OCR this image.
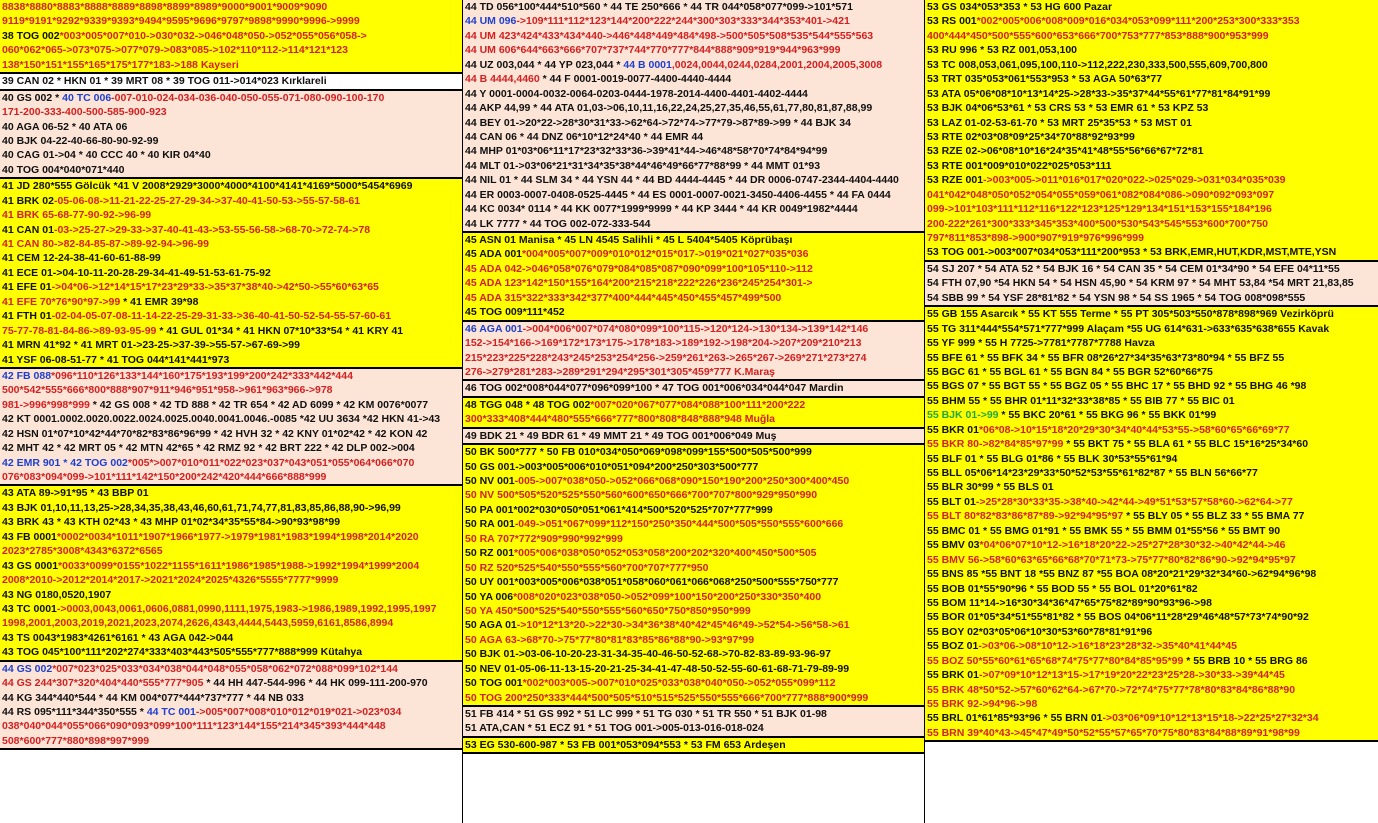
8838*8880*8883*8888*8889*8898*8899*8989*9000*9001*9009*9090
9119*9191*9292*9339*9393*9494*9595*9696*9797*9898*9990*9996->9999
38 TOG 002*003*005*007*010->030*032->046*048*050->052*055*056*058->
060*062*065->073*075->077*079->083*085->102*110*112->114*121*123
138*150*151*155*165*175*177*183->188 Kayseri
39 CAN 02 * HKN 01 * 39 MRT 08 * 39 TOG 011->014*023 Kırklareli
40 GS 002 * 40 TC 006-007-010-024-034-036-040-050-055-071-080-090-100-170
171-200-333-400-500-585-900-923
40 AGA 06-52 * 40 ATA 06
40 BJK 04-22-40-66-80-90-92-99
40 CAG 01->04 * 40 CCC 40 * 40 KIR 04*40
40 TOG 004*040*071*440
41 JD 280*555 Gölcük *41 V 2008*2929*3000*4000*4100*4141*4169*5000*5454*6969
41 BRK 02-05-06-08->11-21-22-25-27-29-34->37-40-41-50-53->55-57-58-61
41 BRK 65-68-77-90-92->96-99
41 CAN 01-03->25-27->29-33->37-40-41-43->53-55-56-58->68-70->72-74->78
41 CAN 80->82-84-85-87->89-92-94->96-99
41 CEM 12-24-38-41-60-61-88-99
41 ECE 01->04-10-11-20-28-29-34-41-49-51-53-61-75-92
41 EFE 01->04*06->12*14*15*17*23*29*33->35*37*38*40->42*50->55*60*63*65
41 EFE 70*76*90*97->99 * 41 EMR 39*98
41 FTH 01-02-04-05-07-08-11-14-22-25-29-31-33->36-40-41-50-52-54-55-57-60-61
75-77-78-81-84-86->89-93-95-99 * 41 GUL 01*34 * 41 HKN 07*10*33*54 * 41 KRY 41
41 MRN 41*92 * 41 MRT 01->23-25->37-39->55-57->67-69->99
41 YSF 06-08-51-77 * 41 TOG 044*141*441*973
42 FB 088*096*110*126*133*144*160*175*193*199*200*242*333*442*444
500*542*555*666*800*888*907*911*946*951*958->961*963*966->978
981->996*998*999 * 42 GS 008 * 42 TD 888 * 42 TR 654 * 42 AD 6099 * 42 KM 0076*0077
42 KT 0001.0002.0020.0022.0024.0025.0040.0041.0046.-0085 *42 UU 3634 *42 HKN 41->43
42 HSN 01*07*10*42*44*70*82*83*86*96*99 * 42 HVH 32 * 42 KNY 01*02*42 * 42 KON 42
42 MHT 42 * 42 MRT 05 * 42 MTN 42*65 * 42 RMZ 92 * 42 BRT 222 * 42 DLP 002->004
42 EMR 901 * 42 TOG 002*005*>007*010*011*022*023*037*043*051*055*064*066*070
076*083*094*099->101*111*142*150*200*242*420*444*666*888*999
43 ATA 89->91*95 * 43 BBP 01
43 BJK 01,10,11,13,25->28,34,35,38,43,46,60,61,71,74,77,81,83,85,86,88,90->96,99
43 BRK 43 * 43 KTH 02*43 * 43 MHP 01*02*34*35*55*84->90*93*98*99
43 FB 0001*0002*0034*1011*1907*1966*1977->1979*1981*1983*1994*1998*2014*2020
2023*2785*3008*4343*6372*6565
43 GS 0001*0033*0099*0155*1022*1155*1611*1986*1985*1988->1992*1994*1999*2004
2008*2010->2012*2014*2017->2021*2024*2025*4326*5555*7777*9999
43 NG 0180,0520,1907
43 TC 0001->0003,0043,0061,0606,0881,0990,1111,1975,1983->1986,1989,1992,1995,1997
1998,2001,2003,2019,2021,2023,2074,2626,4343,4444,5443,5959,6161,8586,8994
43 TS 0043*1983*4261*6161 * 43 AGA 042->044
43 TOG 045*100*111*202*274*333*403*443*505*555*777*888*999 Kütahya
44 GS 002*007*023*025*033*034*038*044*048*055*058*062*072*088*099*102*144
44 GS 244*307*320*404*440*555*777*905 * 44 HH 447-544-996 * 44 HK 099-111-200-970
44 KG 344*440*544 * 44 KM 004*077*444*737*777 * 44 NB 033
44 RS 095*111*344*350*555 * 44 TC 001->005*007*008*010*012*019*021->023*034
038*040*044*055*066*090*093*099*100*111*123*144*155*214*345*393*444*448
508*600*777*880*898*997*999
44 TD 056*100*444*510*560 * 44 TE 250*666 * 44 TR 044*058*077*099->101*571
44 UM 096->109*111*112*123*144*200*222*244*300*303*333*344*353*401->421
44 UM 423*424*433*434*440->446*448*449*484*498->500*505*508*535*544*555*563
44 UM 606*644*663*666*707*737*744*770*777*844*888*909*919*944*963*999
44 UZ 003,044 * 44 YP 023,044 * 44 B 0001,0024,0044,0244,0284,2001,2004,2005,3008
44 B 4444,4460 * 44 F 0001-0019-0077-4400-4440-4444
44 Y 0001-0004-0032-0064-0203-0444-1978-2014-4400-4401-4402-4444
44 AKP 44,99 * 44 ATA 01,03->06,10,11,16,22,24,25,27,35,46,55,61,77,80,81,87,88,99
44 BEY 01->20*22->28*30*31*33->62*64->72*74->77*79->87*89->99 * 44 BJK 34
44 CAN 06 * 44 DNZ 06*10*12*24*40 * 44 EMR 44
44 MHP 01*03*06*11*17*23*32*33*36->39*41*44->46*48*58*70*74*84*94*99
44 MLT 01->03*06*21*31*34*35*38*44*46*49*66*77*88*99 * 44 MMT 01*93
44 NIL 01 * 44 SLM 34 * 44 YSN 44 * 44 BD 4444-4445 * 44 DR 0006-0747-2344-4404-4440
44 ER 0003-0007-0408-0525-4445 * 44 ES 0001-0007-0021-3450-4406-4455 * 44 FA 0444
44 KC 0034* 0114 * 44 KK 0077*1999*9999 * 44 KP 3444 * 44 KR 0049*1982*4444
44 LK 7777 * 44 TOG 002-072-333-544
45 ASN 01 Manisa * 45 LN 4545 Salihli * 45 L 5404*5405 Köprübaşı
45 ADA 001*004*005*007*009*010*012*015*017->019*021*027*035*036
45 ADA 042->046*058*076*079*084*085*087*090*099*100*105*110->112
45 ADA 123*142*150*155*164*200*215*218*222*226*236*245*254*301->
45 ADA 315*322*333*342*377*400*444*445*450*455*457*499*500
45 TOG 009*111*452
46 AGA 001->004*006*007*074*080*099*100*115->120*124->130*134->139*142*146
152->154*166->169*172*173*175->178*183->189*192->198*204->207*209*210*213
215*223*225*228*243*245*253*254*256->259*261*263->265*267->269*271*273*274
276->279*281*283->289*291*294*295*301*305*459*777 K.Maraş
46 TOG 002*008*044*077*096*099*100 * 47 TOG 001*006*034*044*047 Mardin
48 TGG 048 * 48 TOG 002*007*020*067*077*084*088*100*111*200*222
300*333*408*444*480*555*666*777*800*808*848*888*948 Muğla
49 BDK 21 * 49 BDR 61 * 49 MMT 21 * 49 TOG 001*006*049 Muş
50 BK 500*777 * 50 FB 010*034*050*069*098*099*155*500*505*500*999
50 GS 001->003*005*006*010*051*094*200*250*303*500*777
50 NV 001-005->007*038*050->052*066*068*090*150*190*200*250*300*400*450
50 NV 500*505*520*525*550*560*600*650*666*700*707*800*929*950*990
50 PA 001*002*030*050*051*061*414*500*520*525*707*777*999
50 RA 001-049->051*067*099*112*150*250*350*444*500*505*550*555*600*666
50 RA 707*772*909*990*992*999
50 RZ 001*005*006*038*050*052*053*058*200*202*320*400*450*500*505
50 RZ 520*525*540*550*555*560*700*707*777*950
50 UY 001*003*005*006*038*051*058*060*061*066*068*250*500*555*750*777
50 YA 006*008*020*023*038*050->052*099*100*150*200*250*330*350*400
50 YA 450*500*525*540*550*555*560*650*750*850*950*999
50 AGA 01->10*12*13*20->22*30->34*36*38*40*42*45*46*49->52*54->56*58->61
50 AGA 63->68*70->75*77*80*81*83*85*86*88*90->93*97*99
50 BJK 01->03-06-10-20-23-31-34-35-40-46-50-52-68->70-82-83-89-93-96-97
50 NEV 01-05-06-11-13-15-20-21-25-34-41-47-48-50-52-55-60-61-68-71-79-89-99
50 TOG 001*002*003*005->007*010*025*033*038*040*050->052*055*099*112
50 TOG 200*250*333*444*500*505*510*515*525*550*555*666*700*777*888*900*999
51 FB 414 * 51 GS 992 * 51 LC 999 * 51 TG 030 * 51 TR 550 * 51 BJK 01-98
51 ATA,CAN * 51 ECZ 91 * 51 TOG 001->005-013-016-018-024
53 EG 530-600-987 * 53 FB 001*053*094*553 * 53 FM 653 Ardeşen
53 GS 034*053*353 * 53 HG 600 Pazar
53 RS 001*002*005*006*008*009*016*034*053*099*111*200*253*300*333*353
400*444*450*500*555*600*653*666*700*753*777*853*888*900*953*999
53 RU 996 * 53 RZ 001,053,100
53 TC 008,053,061,095,100,110->112,222,230,333,500,555,609,700,800
53 TRT 035*053*061*553*953 * 53 AGA 50*63*77
53 ATA 05*06*08*10*13*14*25->28*33->35*37*44*55*61*77*81*84*91*99
53 BJK 04*06*53*61 * 53 CRS 53 * 53 EMR 61 * 53 KPZ 53
53 LAZ 01-02-53-61-70 * 53 MRT 25*35*53 * 53 MST 01
53 RTE 02*03*08*09*25*34*70*88*92*93*99
53 RZE 02->06*08*10*16*24*35*41*48*55*56*66*67*72*81
53 RTE 001*009*010*022*025*053*111
53 RZE 001->003*005->011*016*017*020*022->025*029->031*034*035*039
041*042*048*050*052*054*055*059*061*082*084*086->090*092*093*097
099->101*103*111*112*116*122*123*125*129*134*151*153*155*184*196
200-222*261*300*333*345*353*400*500*530*543*545*553*600*700*750
797*811*853*898->900*907*919*976*996*999
53 TOG 001->003*007*034*053*111*200*953 * 53 BRK,EMR,HUT,KDR,MST,MTE,YSN
54 SJ 207 * 54 ATA 52 * 54 BJK 16 * 54 CAN 35 * 54 CEM 01*34*90 * 54 EFE 04*11*55
54 FTH 07,90 *54 HKN 54 * 54 HSN 45,90 * 54 KRM 97 * 54 MHT 53,84 *54 MRT 21,83,85
54 SBB 99 * 54 YSF 28*81*82 * 54 YSN 98 * 54 SS 1965 * 54 TOG 008*098*555
55 GB 155 Asarcık * 55 KT 555 Terme * 55 PT 305*503*550*878*898*969 Vezirköprü
55 TG 311*444*554*571*777*999 Alaçam *55 UG 614*631->633*635*638*655 Kavak
55 YF 999 * 55 H 7725->7781*7787*7788 Havza
55 BFE 61 * 55 BFK 34 * 55 BFR 08*26*27*34*35*63*73*80*94 * 55 BFZ 55
55 BGC 61 * 55 BGL 61 * 55 BGN 84 * 55 BGR 52*60*66*75
55 BGS 07 * 55 BGT 55 * 55 BGZ 05 * 55 BHC 17 * 55 BHD 92 * 55 BHG 46 *98
55 BHM 55 * 55 BHR 01*11*32*33*38*85 * 55 BIB 77 * 55 BIC 01
55 BJK 01->99 * 55 BKC 20*61 * 55 BKG 96 * 55 BKK 01*99
55 BKR 01*06*08->10*15*18*20*29*30*34*40*44*53*55->58*60*65*66*69*77
55 BKR 80->82*84*85*97*99 * 55 BKT 75 * 55 BLA 61 * 55 BLC 15*16*25*34*60
55 BLF 01 * 55 BLG 01*86 * 55 BLK 30*53*55*61*94
55 BLL 05*06*14*23*29*33*50*52*53*55*61*82*87 * 55 BLN 56*66*77
55 BLR 30*99 * 55 BLS 01
55 BLT 01->25*28*30*33*35->38*40->42*44->49*51*53*57*58*60->62*64->77
55 BLT 80*82*83*86*87*89->92*94*95*97 * 55 BLY 05 * 55 BLZ 33 * 55 BMA 77
55 BMC 01 * 55 BMG 01*91 * 55 BMK 55 * 55 BMM 01*55*56 * 55 BMT 90
55 BMV 03*04*06*07*10*12->16*18*20*22->25*27*28*30*32->40*42*44->46
55 BMV 56->58*60*63*65*66*68*70*71*73->75*77*80*82*86*90->92*94*95*97
55 BNS 85 *55 BNT 18 *55 BNZ 87 *55 BOA 08*20*21*29*32*34*60->62*94*96*98
55 BOB 01*55*90*96 * 55 BOD 55 * 55 BOL 01*20*61*82
55 BOM 11*14->16*30*34*36*47*65*75*82*89*90*93*96->98
55 BOR 01*05*34*51*55*81*82 * 55 BOS 04*06*11*28*29*46*48*57*73*74*90*92
55 BOY 02*03*05*06*10*30*53*60*78*81*91*96
55 BOZ 01->03*06->08*10*12->16*18*23*28*32->35*40*41*44*45
55 BOZ 50*55*60*61*65*68*74*75*77*80*84*85*95*99 * 55 BRB 10 * 55 BRG 86
55 BRK 01->07*09*10*12*13*15->17*19*20*22*23*25*28->30*33->39*44*45
55 BRK 48*50*52->57*60*62*64->67*70->72*74*75*77*78*80*83*84*86*88*90
55 BRK 92->94*96->98
55 BRL 01*61*85*93*96 * 55 BRN 01->03*06*09*10*12*13*15*18->22*25*27*32*34
55 BRN 39*40*43->45*47*49*50*52*55*57*65*70*75*80*83*84*88*89*91*98*99
